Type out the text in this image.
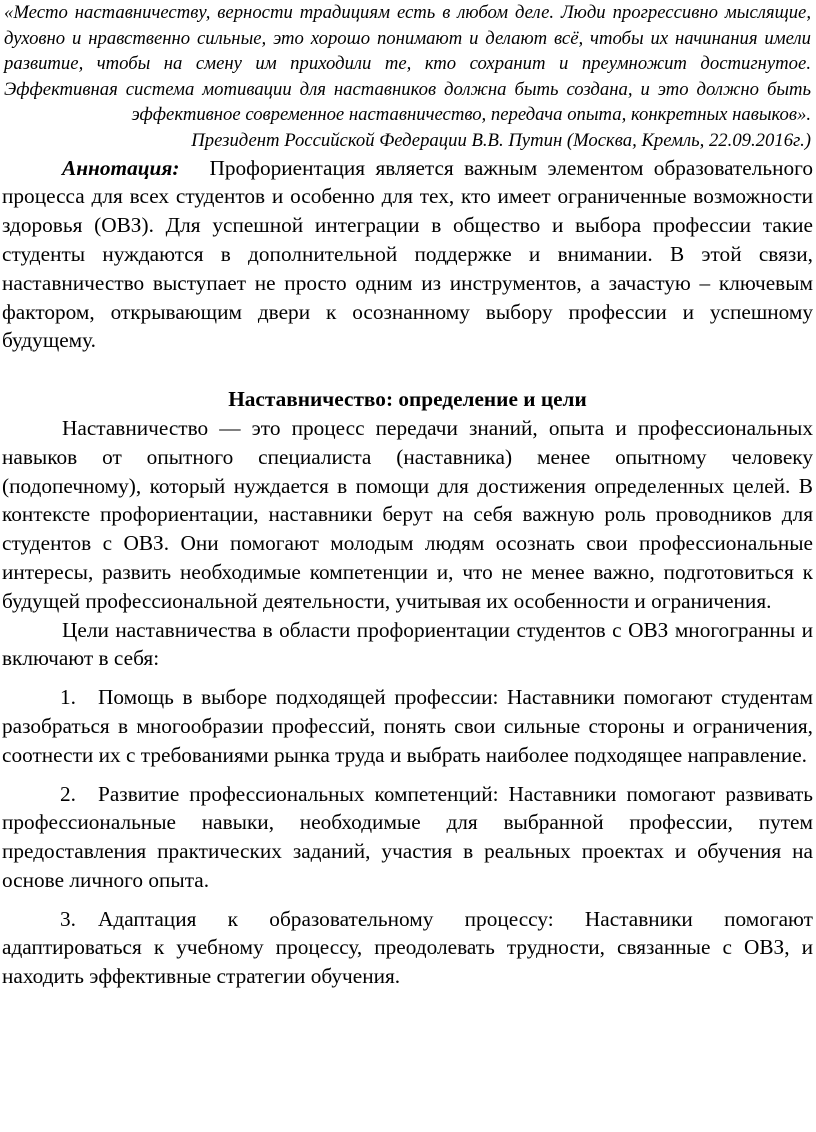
«Место наставничеству, верности традициям есть в любом деле. Люди прогрессивно мыслящие, духовно и нравственно сильные, это хорошо понимают и делают всё, чтобы их начинания имели развитие, чтобы на смену им приходили те, кто сохранит и преумножит достигнутое. Эффективная система мотивации для наставников должна быть создана, и это должно быть эффективное современное наставничество, передача опыта, конкретных навыков».
Президент Российской Федерации В.В. Путин (Москва, Кремль, 22.09.2016г.)

Аннотация: Профориентация является важным элементом образовательного процесса для всех студентов и особенно для тех, кто имеет ограниченные возможности здоровья (ОВЗ). Для успешной интеграции в общество и выбора профессии такие студенты нуждаются в дополнительной поддержке и внимании. В этой связи, наставничество выступает не просто одним из инструментов, а зачастую – ключевым фактором, открывающим двери к осознанному выбору профессии и успешному будущему.

Наставничество: определение и цели

Наставничество — это процесс передачи знаний, опыта и профессиональных навыков от опытного специалиста (наставника) менее опытному человеку (подопечному), который нуждается в помощи для достижения определенных целей. В контексте профориентации, наставники берут на себя важную роль проводников для студентов с ОВЗ. Они помогают молодым людям осознать свои профессиональные интересы, развить необходимые компетенции и, что не менее важно, подготовиться к будущей профессиональной деятельности, учитывая их особенности и ограничения.

Цели наставничества в области профориентации студентов с ОВЗ многогранны и включают в себя:

1. Помощь в выборе подходящей профессии: Наставники помогают студентам разобраться в многообразии профессий, понять свои сильные стороны и ограничения, соотнести их с требованиями рынка труда и выбрать наиболее подходящее направление.

2. Развитие профессиональных компетенций: Наставники помогают развивать профессиональные навыки, необходимые для выбранной профессии, путем предоставления практических заданий, участия в реальных проектах и обучения на основе личного опыта.

3. Адаптация к образовательному процессу: Наставники помогают адаптироваться к учебному процессу, преодолевать трудности, связанные с ОВЗ, и находить эффективные стратегии обучения.
